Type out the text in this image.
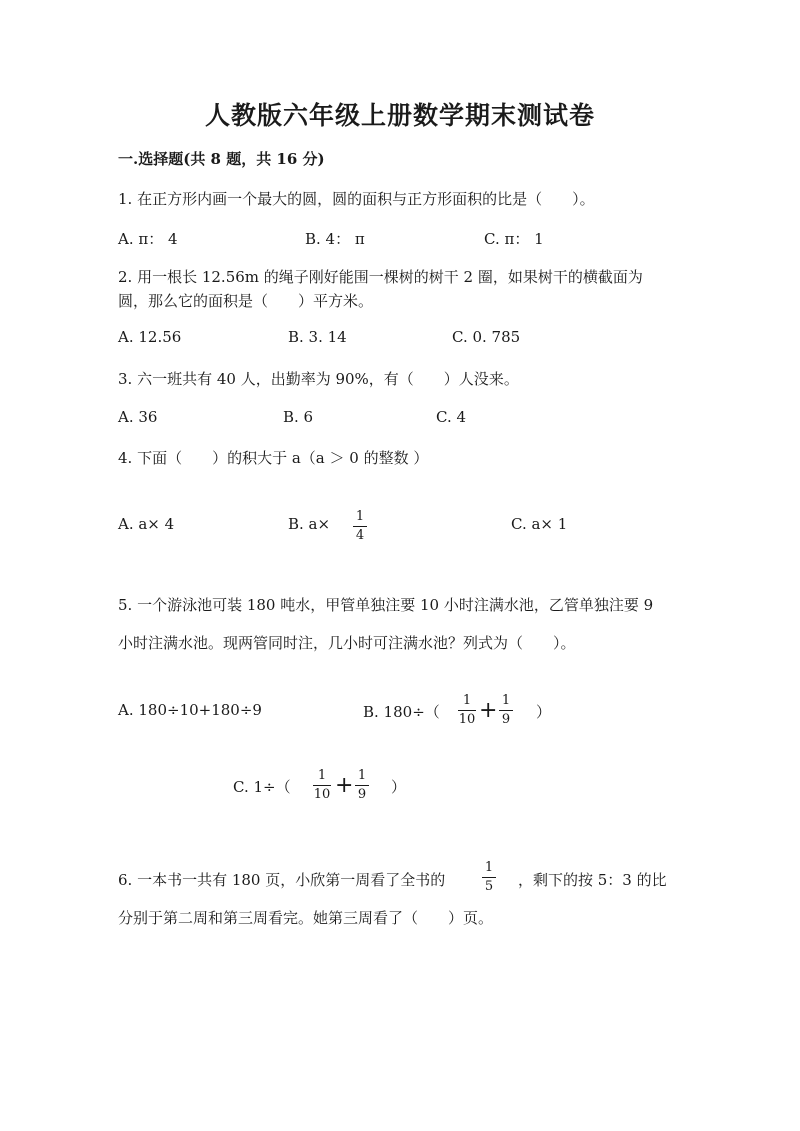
人教版六年级上册数学期末测试卷
一.选择题(共 8 题，共 16 分)
1. 在正方形内画一个最大的圆，圆的面积与正方形面积的比是（　　）。
A. π： 4	B. 4： π	C. π： 1
2. 用一根长 12.56m 的绳子刚好能围一棵树的树干 2 圈，如果树干的横截面为
圆，那么它的面积是（　　）平方米。
A. 12.56	B. 3. 14	C. 0. 785
3. 六一班共有 40 人，出勤率为 90%，有（　　）人没来。
A. 36	B. 6	C. 4
4. 下面（　　）的积大于 a（a ＞ 0 的整数 ）
A. a× 4	B. a× 1
4
C. a× 1
5. 一个游泳池可装 180 吨水，甲管单独注要 10 小时注满水池，乙管单独注要 9
小时注满水池。现两管同时注，几小时可注满水池？列式为（　　）。
A. 180÷10+180÷9	B. 180÷（
1
10 + 1
9 ）
C. 1÷（
1
10 + 1
9 ）
6. 一本书一共有 180 页，小欣第一周看了全书的
1
5 ，剩下的按 5：3 的比
分别于第二周和第三周看完。她第三周看了（　　）页。
